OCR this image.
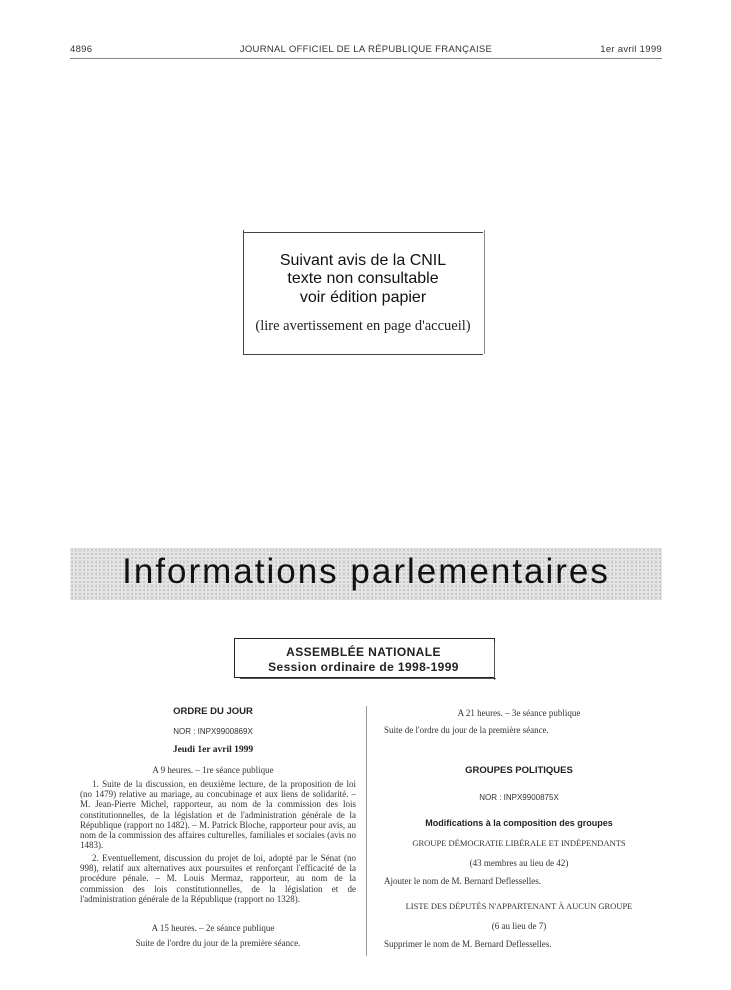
4896	JOURNAL OFFICIEL DE LA RÉPUBLIQUE FRANÇAISE	1er avril 1999
Suivant avis de la CNIL
texte non consultable
voir édition papier
(lire avertissement en page d'accueil)
Informations parlementaires
ASSEMBLÉE NATIONALE
Session ordinaire de 1998-1999
ORDRE DU JOUR
NOR : INPX9900869X
Jeudi 1er avril 1999
A 9 heures. – 1re séance publique
1. Suite de la discussion, en deuxième lecture, de la proposition de loi (no 1479) relative au mariage, au concubinage et aux liens de solidarité. – M. Jean-Pierre Michel, rapporteur, au nom de la commission des lois constitutionnelles, de la législation et de l'administration générale de la République (rapport no 1482). – M. Patrick Bloche, rapporteur pour avis, au nom de la commission des affaires culturelles, familiales et sociales (avis no 1483).
2. Eventuellement, discussion du projet de loi, adopté par le Sénat (no 998), relatif aux alternatives aux poursuites et renforçant l'efficacité de la procédure pénale. – M. Louis Mermaz, rapporteur, au nom de la commission des lois constitutionnelles, de la législation et de l'administration générale de la République (rapport no 1328).
A 15 heures. – 2e séance publique
Suite de l'ordre du jour de la première séance.
A 21 heures. – 3e séance publique
Suite de l'ordre du jour de la première séance.
GROUPES POLITIQUES
NOR : INPX9900875X
Modifications à la composition des groupes
GROUPE DÉMOCRATIE LIBÉRALE ET INDÉPENDANTS
(43 membres au lieu de 42)
Ajouter le nom de M. Bernard Deflesselles.
LISTE DES DÉPUTÉS N'APPARTENANT À AUCUN GROUPE
(6 au lieu de 7)
Supprimer le nom de M. Bernard Deflesselles.
